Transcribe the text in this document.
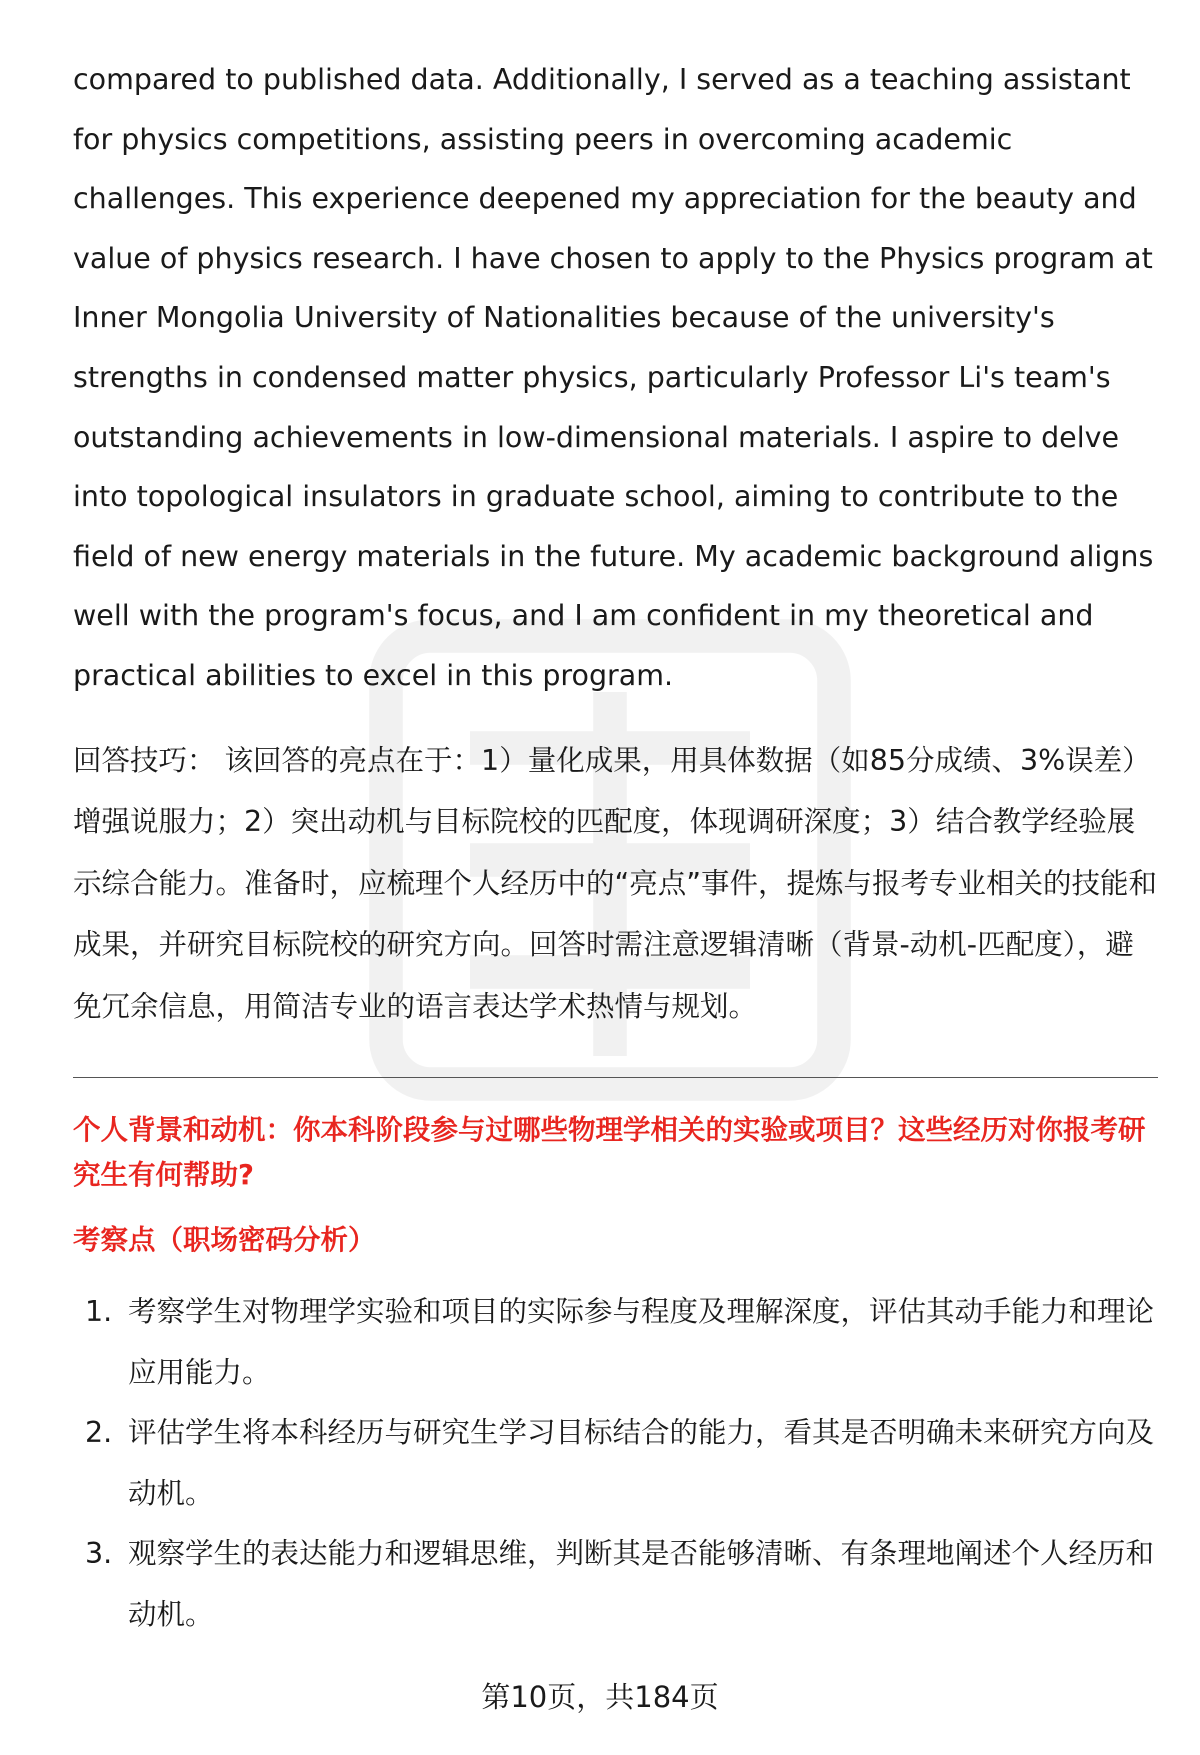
compared to published data. Additionally, I served as a teaching assistant for physics competitions, assisting peers in overcoming academic challenges. This experience deepened my appreciation for the beauty and value of physics research. I have chosen to apply to the Physics program at Inner Mongolia University of Nationalities because of the university's strengths in condensed matter physics, particularly Professor Li's team's outstanding achievements in low-dimensional materials. I aspire to delve into topological insulators in graduate school, aiming to contribute to the field of new energy materials in the future. My academic background aligns well with the program's focus, and I am confident in my theoretical and practical abilities to excel in this program.

回答技巧： 该回答的亮点在于：1）量化成果，用具体数据（如85分成绩、3%误差）增强说服力；2）突出动机与目标院校的匹配度，体现调研深度；3）结合教学经验展示综合能力。准备时，应梳理个人经历中的“亮点”事件，提炼与报考专业相关的技能和成果，并研究目标院校的研究方向。回答时需注意逻辑清晰（背景-动机-匹配度），避免冗余信息，用简洁专业的语言表达学术热情与规划。

个人背景和动机：你本科阶段参与过哪些物理学相关的实验或项目？这些经历对你报考研究生有何帮助?
考察点（职场密码分析）
1. 考察学生对物理学实验和项目的实际参与程度及理解深度，评估其动手能力和理论应用能力。
2. 评估学生将本科经历与研究生学习目标结合的能力，看其是否明确未来研究方向及动机。
3. 观察学生的表达能力和逻辑思维，判断其是否能够清晰、有条理地阐述个人经历和动机。
第10页，共184页
